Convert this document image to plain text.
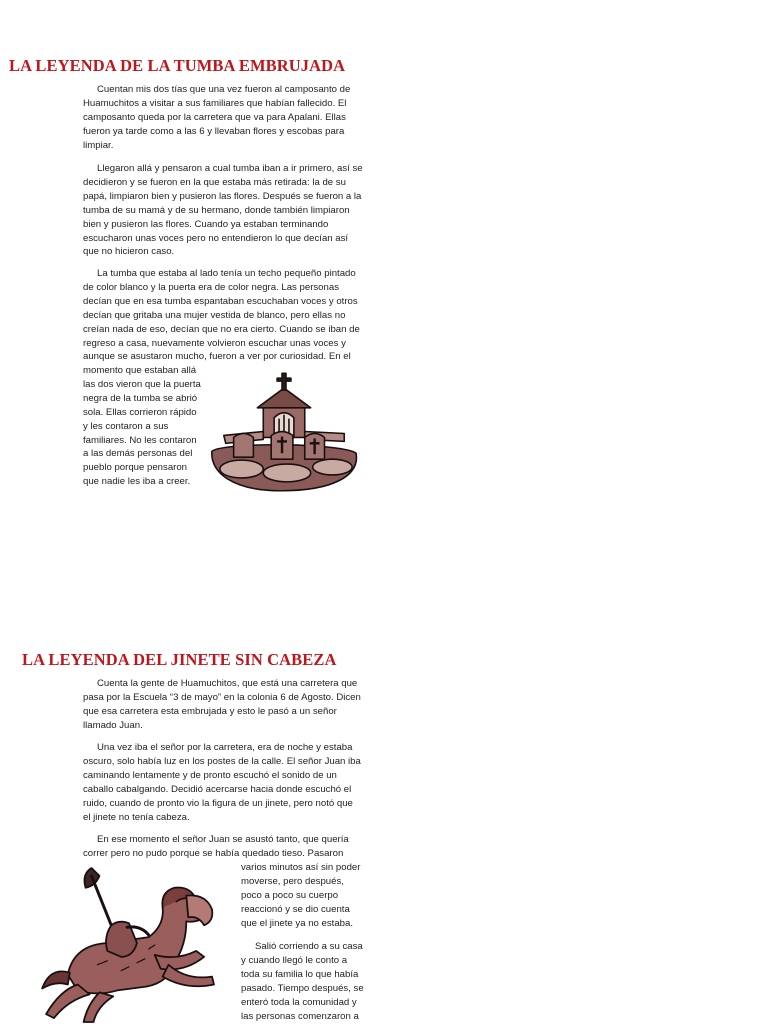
LA LEYENDA DE LA TUMBA EMBRUJADA

Cuentan mis dos tías que una vez fueron al camposanto de
Huamuchitos a visitar a sus familiares que habían fallecido. El
camposanto queda por la carretera que va para Apalani. Ellas
fueron ya tarde como a las 6 y llevaban flores y escobas para
limpiar.

Llegaron allá y pensaron a cual tumba iban a ir primero, así se
decidieron y se fueron en la que estaba más retirada: la de su
papá, limpiaron bien y pusieron las flores. Después se fueron a la
tumba de su mamá y de su hermano, donde también limpiaron
bien y pusieron las flores. Cuando ya estaban terminando
escucharon unas voces pero no entendieron lo que decían así
que no hicieron caso.

La tumba que estaba al lado tenía un techo pequeño pintado
de color blanco y la puerta era de color negra. Las personas
decían que en esa tumba espantaban escuchaban voces y otros
decían que gritaba una mujer vestida de blanco, pero ellas no
creían nada de eso, decían que no era cierto. Cuando se iban de
regreso a casa, nuevamente volvieron escuchar unas voces y
aunque se asustaron mucho, fueron a ver por curiosidad. En el

momento que estaban allá
las dos vieron que la puerta
negra de la tumba se abrió
sola. Ellas corrieron rápido
y les contaron a sus
familiares. No les contaron
a las demás personas del
pueblo porque pensaron
que nadie les iba a creer.

LA LEYENDA DEL JINETE SIN CABEZA

Cuenta la gente de Huamuchitos, que está una carretera que
pasa por la Escuela “3 de mayo” en la colonia 6 de Agosto. Dicen
que esa carretera esta embrujada y esto le pasó a un señor
llamado Juan.

Una vez iba el señor por la carretera, era de noche y estaba
oscuro, solo había luz en los postes de la calle. El señor Juan iba
caminando lentamente y de pronto escuchó el sonido de un
caballo cabalgando. Decidió acercarse hacia donde escuchó el
ruido, cuando de pronto vio la figura de un jinete, pero notó que
el jinete no tenía cabeza.

En ese momento el señor Juan se asustó tanto, que quería
correr pero no pudo porque se había quedado tieso. Pasaron

varios minutos así sin poder
moverse, pero después,
poco a poco su cuerpo
reaccionó y se dio cuenta
que el jinete ya no estaba.

Salió corriendo a su casa
y cuando llegó le conto a
toda su familia lo que había
pasado. Tiempo después, se
enteró toda la comunidad y
las personas comenzaron a
